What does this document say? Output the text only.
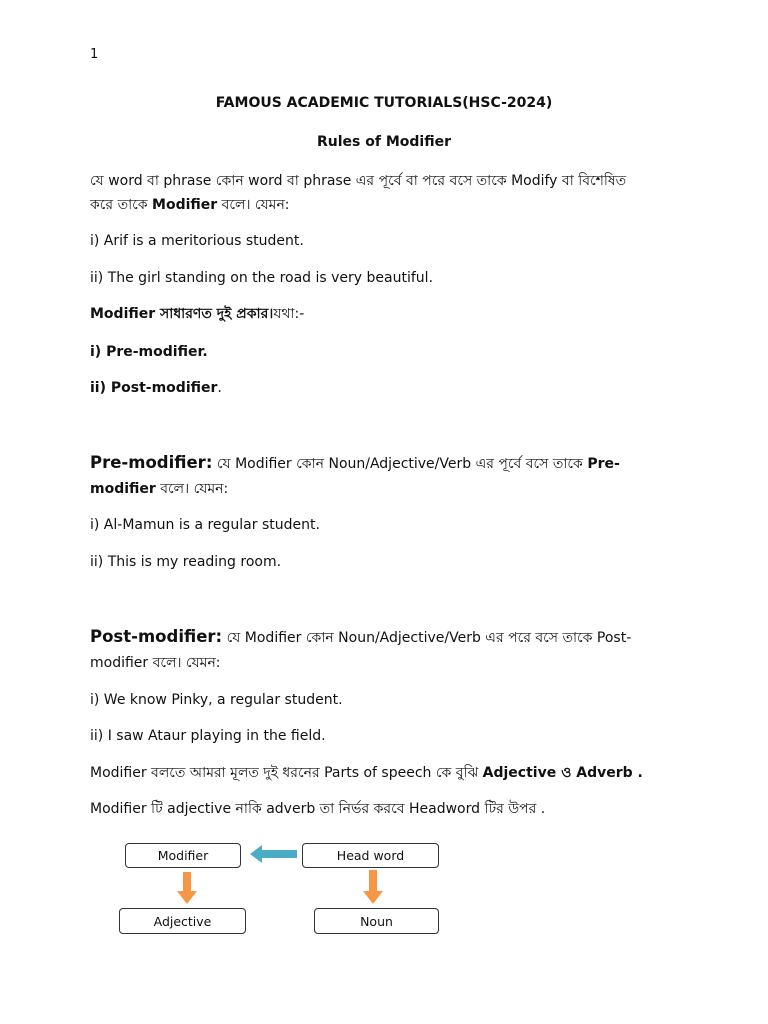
1
FAMOUS ACADEMIC TUTORIALS(HSC-2024)
Rules of Modifier
যে word বা phrase কোন word বা phrase এর পূর্বে বা পরে বসে তাকে Modify বা বিশেষিত
করে তাকে Modifier বলে। যেমন:
i) Arif is a meritorious student.
ii) The girl standing on the road is very beautiful.
Modifier সাধারণত দুই প্রকার।যথা:-
i) Pre-modifier.
ii) Post-modifier.
Pre-modifier: যে Modifier কোন Noun/Adjective/Verb এর পূর্বে বসে তাকে Pre-
modifier বলে। যেমন:
i) Al-Mamun is a regular student.
ii) This is my reading room.
Post-modifier: যে Modifier কোন Noun/Adjective/Verb এর পরে বসে তাকে Post-
modifier বলে। যেমন:
i) We know Pinky, a regular student.
ii) I saw Ataur playing in the field.
Modifier বলতে আমরা মূলত দুই ধরনের Parts of speech কে বুঝি Adjective ও Adverb .
Modifier টি adjective নাকি adverb তা নির্ভর করবে Headword টির উপর .
Modifier	Head word
Adjective	Noun
